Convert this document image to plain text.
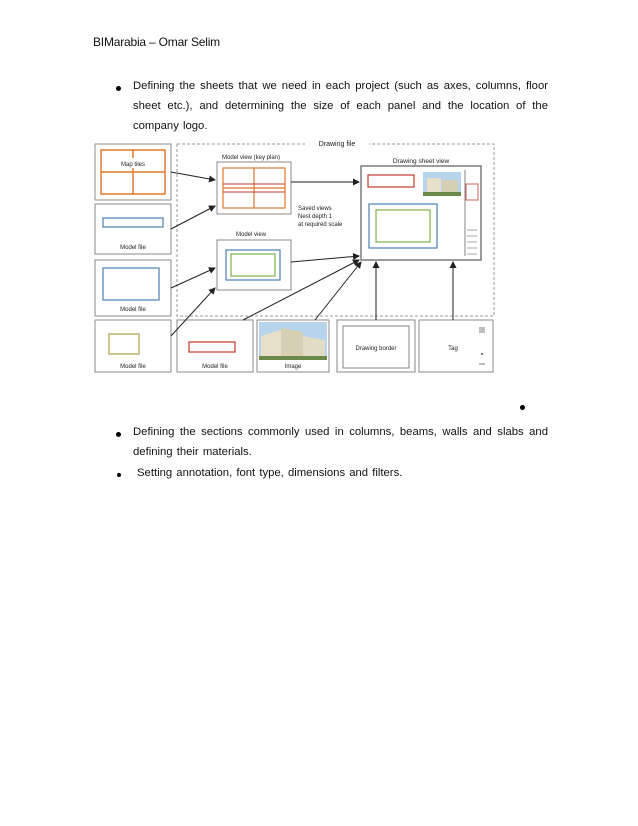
BIMarabia – Omar Selim
Defining the sheets that we need in each project (such as axes, columns, floor
sheet etc.), and determining the size of each panel and the location of the
company logo.
Drawing file
Map tiles
Model file
Model file
Model file
Model view (key plan)
Model view
Saved views
Nest depth 1
at required scale
Drawing sheet view
Model file	Image
Drawing border	Tag
Defining the sections commonly used in columns, beams, walls and slabs and
defining their materials.
Setting annotation, font type, dimensions and filters.
